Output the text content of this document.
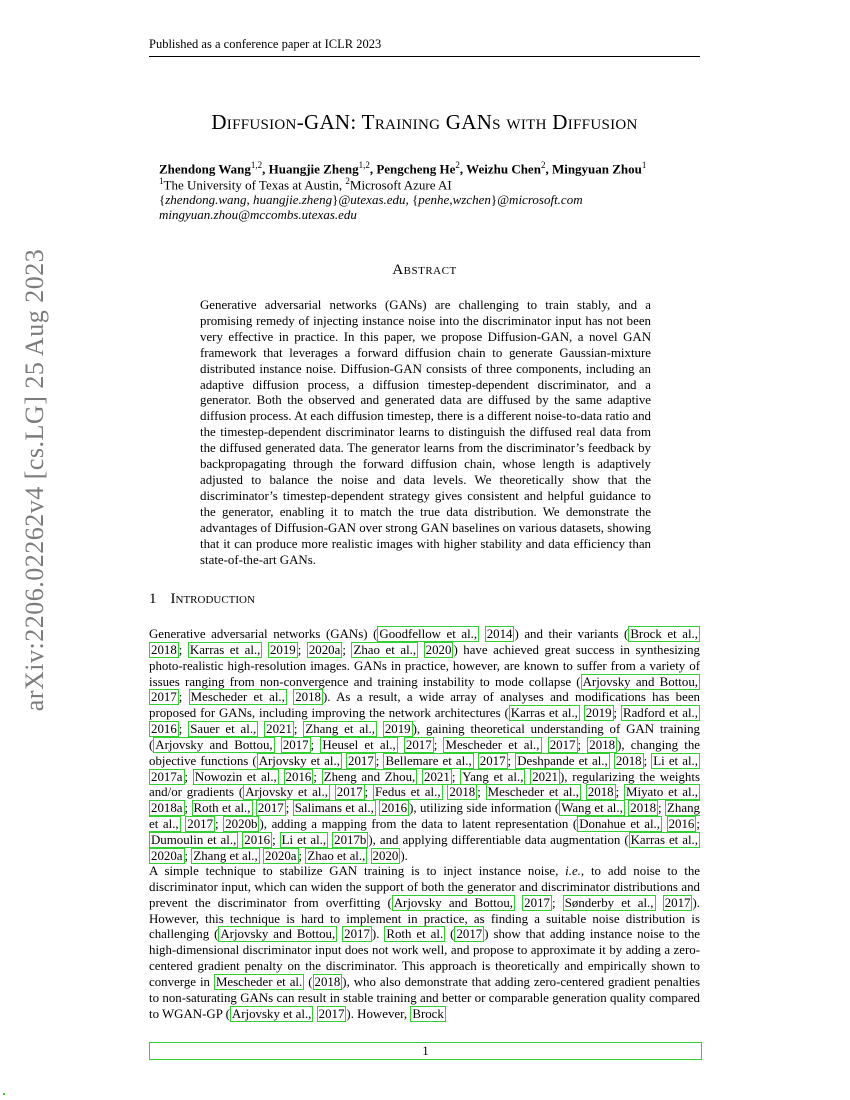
Published as a conference paper at ICLR 2023
arXiv:2206.02262v4 [cs.LG] 25 Aug 2023
Diffusion-GAN: Training GANs with Diffusion
Zhendong Wang$^{1,2}$, Huangjie Zheng$^{1,2}$, Pengcheng He$^2$, Weizhu Chen$^2$, Mingyuan Zhou$^1$
$^1$The University of Texas at Austin, $^2$Microsoft Azure AI
{zhendong.wang, huangjie.zheng}@utexas.edu, {penhe,wzchen}@microsoft.com
mingyuan.zhou@mccombs.utexas.edu
Abstract
Generative adversarial networks (GANs) are challenging to train stably, and a promising remedy of injecting instance noise into the discriminator input has not been very effective in practice. In this paper, we propose Diffusion-GAN, a novel GAN framework that leverages a forward diffusion chain to generate Gaussian-mixture distributed instance noise. Diffusion-GAN consists of three components, including an adaptive diffusion process, a diffusion timestep-dependent discriminator, and a generator. Both the observed and generated data are diffused by the same adaptive diffusion process. At each diffusion timestep, there is a different noise-to-data ratio and the timestep-dependent discriminator learns to distinguish the diffused real data from the diffused generated data. The generator learns from the discriminator’s feedback by backpropagating through the forward diffusion chain, whose length is adaptively adjusted to balance the noise and data levels. We theoretically show that the discriminator’s timestep-dependent strategy gives consistent and helpful guidance to the generator, enabling it to match the true data distribution. We demonstrate the advantages of Diffusion-GAN over strong GAN baselines on various datasets, showing that it can produce more realistic images with higher stability and data efficiency than state-of-the-art GANs.
1 Introduction

Generative adversarial networks (GANs) ( Goodfellow et al., 2014 ) and their variants ( Brock et al., 2018 ; Karras et al., 2019 ; 2020a ; Zhao et al., 2020 ) have achieved great success in synthesizing photo-realistic high-resolution images. GANs in practice, however, are known to suffer from a variety of issues ranging from non-convergence and training instability to mode collapse ( Arjovsky and Bottou, 2017 ; Mescheder et al., 2018 ). As a result, a wide array of analyses and modifications has been proposed for GANs, including improving the network architectures ( Karras et al., 2019 ; Radford et al., 2016 ; Sauer et al., 2021 ; Zhang et al., 2019 ), gaining theoretical understanding of GAN training ( Arjovsky and Bottou, 2017 ; Heusel et al., 2017 ; Mescheder et al., 2017 ; 2018 ), changing the objective functions ( Arjovsky et al., 2017 ; Bellemare et al., 2017 ; Deshpande et al., 2018 ; Li et al., 2017a ; Nowozin et al., 2016 ; Zheng and Zhou, 2021 ; Yang et al., 2021 ), regularizing the weights and/or gradients ( Arjovsky et al., 2017 ; Fedus et al., 2018 ; Mescheder et al., 2018 ; Miyato et al., 2018a ; Roth et al., 2017 ; Salimans et al., 2016 ), utilizing side information ( Wang et al., 2018 ; Zhang et al., 2017 ; 2020b ), adding a mapping from the data to latent representation ( Donahue et al., 2016 ; Dumoulin et al., 2016 ; Li et al., 2017b ), and applying differentiable data augmentation ( Karras et al., 2020a ; Zhang et al., 2020a ; Zhao et al., 2020 ).

A simple technique to stabilize GAN training is to inject instance noise, i.e., to add noise to the discriminator input, which can widen the support of both the generator and discriminator distributions and prevent the discriminator from overfitting ( Arjovsky and Bottou, 2017 ; Sønderby et al., 2017 ). However, this technique is hard to implement in practice, as finding a suitable noise distribution is challenging ( Arjovsky and Bottou, 2017 ). Roth et al. ( 2017 ) show that adding instance noise to the high-dimensional discriminator input does not work well, and propose to approximate it by adding a zero-centered gradient penalty on the discriminator. This approach is theoretically and empirically shown to converge in Mescheder et al. ( 2018 ), who also demonstrate that adding zero-centered gradient penalties to non-saturating GANs can result in stable training and better or comparable generation quality compared to WGAN-GP ( Arjovsky et al., 2017 ). However, Brock

1
